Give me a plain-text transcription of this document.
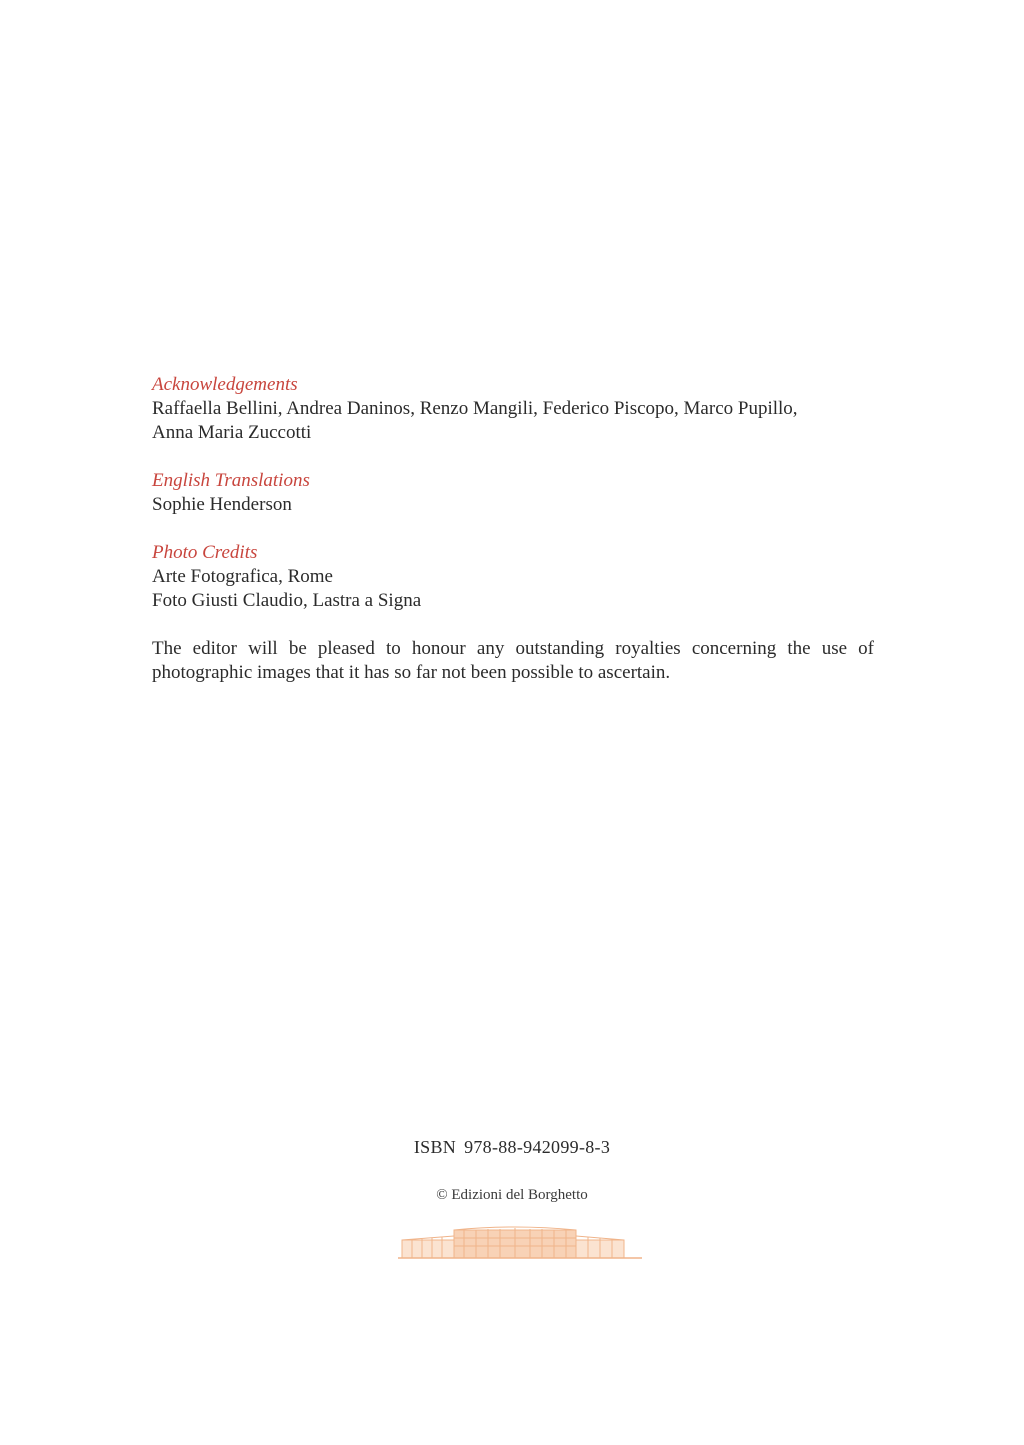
Acknowledgements
Raffaella Bellini, Andrea Daninos, Renzo Mangili, Federico Piscopo, Marco Pupillo,
Anna Maria Zuccotti
English Translations
Sophie Henderson
Photo Credits
Arte Fotografica, Rome
Foto Giusti Claudio, Lastra a Signa

The editor will be pleased to honour any outstanding royalties concerning the use of photographic images that it has so far not been possible to ascertain.

ISBN 978-88-942099-8-3
© Edizioni del Borghetto
